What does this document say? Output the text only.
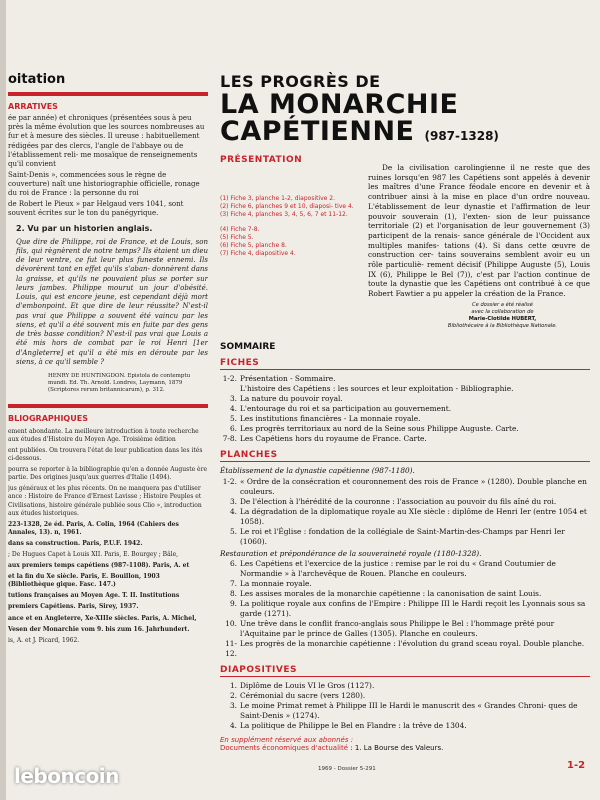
oitation
ARRATIVES
ée par année) et chroniques (présentées sous à peu près la même évolution que les sources nombreuses au fur et à mesure des siècles. Il ureuse : habituellement rédigées par des clercs, l'angle de l'abbaye ou de l'établissement reli- me mosaïque de renseignements qu'il convient
Saint-Denis », commencées sous le règne de couverture) naît une historiographie officielle, ronage du roi de France : la personne du roi
de Robert le Pieux » par Helgaud vers 1041, sont souvent écrites sur le ton du panégyrique.
2. Vu par un historien anglais.
Que dire de Philippe, roi de France, et de Louis, son fils, qui règnèrent de notre temps? Ils étaient un dieu de leur ventre, ce fut leur plus funeste ennemi. Ils dévorèrent tant en effet qu'ils s'aban- donnèrent dans la graisse, et qu'ils ne pouvaient plus se porter sur leurs jambes. Philippe mourut un jour d'obésité. Louis, qui est encore jeune, est cependant déjà mort d'embonpoint. Et que dire de leur réussite? N'est-il pas vrai que Philippe a souvent été vaincu par les siens, et qu'il a été souvent mis en fuite par des gens de très basse condition? N'est-il pas vrai que Louis a été mis hors de combat par le roi Henri [1er d'Angleterre] et qu'il a été mis en déroute par les siens, à ce qu'il semble ?
HENRY DE HUNTINGDON. Epistola de contemptu mundi. Ed. Th. Arnold. Londres, Laymann, 1879 (Scriptores rerum britannicarum), p. 312.
BLIOGRAPHIQUES
ement abondante. La meilleure introduction à toute recherche aux études d'Histoire du Moyen Age. Troisième édition
ent publiées. On trouvera l'état de leur publication dans les ités ci-dessous.
pourra se reporter à la bibliographie qu'en a donnée Auguste ère partie. Des origines jusqu'aux guerres d'Italie (1494).
jus généraux et les plus récents. On ne manquera pas d'utiliser ance : Histoire de France d'Ernest Lavisse ; Histoire Peuples et Civilisations, histoire générale publiée sous Clio », introduction aux études historiques.
223-1328, 2e éd. Paris, A. Colin, 1964 (Cahiers des Annales, 13). n, 1961.
dans sa construction. Paris, P.U.F. 1942.
; De Hugues Capet à Louis XII. Paris, E. Bourgey ; Bâle,
aux premiers temps capétiens (987-1108). Paris, A. et
et la fin du Xe siècle. Paris, E. Bouillon, 1903 (Bibliothèque gique. Fasc. 147.)
tutions françaises au Moyen Age. T. II. Institutions
premiers Capétiens. Paris, Sirey, 1937.
ance et en Angleterre, Xe-XIIIe siècles. Paris, A. Michel,
Vesen der Monarchie vom 9. bis zum 16. Jahrhundert.
is, A. et J. Picard, 1962.
LES PROGRÈS DE
LA MONARCHIE
CAPÉTIENNE (987-1328)
PRÉSENTATION
(1) Fiche 3, planche 1-2, diapositive 2.
(2) Fiche 6, planches 9 et 10, diaposi- tive 4.
(3) Fiche 4, planches 3, 4, 5, 6, 7 et 11-12.
(4) Fiche 7-8.
(5) Fiche 5.
(6) Fiche 5, planche 8.
(7) Fiche 4, diapositive 4.
De la civilisation carolingienne il ne reste que des ruines lorsqu'en 987 les Capétiens sont appelés à devenir les maîtres d'une France féodale encore en devenir et à contribuer ainsi à la mise en place d'un ordre nouveau. L'établissement de leur dynastie et l'affirmation de leur pouvoir souverain (1), l'exten- sion de leur puissance territoriale (2) et l'organisation de leur gouvernement (3) participent de la renais- sance générale de l'Occident aux multiples manifes- tations (4). Si dans cette œuvre de construction cer- tains souverains semblent avoir eu un rôle particuliè- rement décisif (Philippe Auguste (5), Louis IX (6), Philippe le Bel (7)), c'est par l'action continue de toute la dynastie que les Capétiens ont contribué à ce que Robert Fawtier a pu appeler la création de la France.
Ce dossier a été réalisé
avec la collaboration de
Marie-Clotilde HUBERT,
Bibliothécaire à la Bibliothèque Nationale.
SOMMAIRE
FICHES
1-2. Présentation - Sommaire.
L'histoire des Capétiens : les sources et leur exploitation - Bibliographie.
3. La nature du pouvoir royal.
4. L'entourage du roi et sa participation au gouvernement.
5. Les institutions financières - La monnaie royale.
6. Les progrès territoriaux au nord de la Seine sous Philippe Auguste. Carte.
7-8. Les Capétiens hors du royaume de France. Carte.
PLANCHES
Établissement de la dynastie capétienne (987-1180).
1-2. « Ordre de la consécration et couronnement des rois de France » (1280). Double planche en couleurs.
3. De l'élection à l'hérédité de la couronne : l'association au pouvoir du fils aîné du roi.
4. La dégradation de la diplomatique royale au XIe siècle : diplôme de Henri Ier (entre 1054 et 1058).
5. Le roi et l'Église : fondation de la collégiale de Saint-Martin-des-Champs par Henri Ier (1060).
Restauration et prépondérance de la souveraineté royale (1180-1328).
6. Les Capétiens et l'exercice de la justice : remise par le roi du « Grand Coutumier de Normandie » à l'archevêque de Rouen. Planche en couleurs.
7. La monnaie royale.
8. Les assises morales de la monarchie capétienne : la canonisation de saint Louis.
9. La politique royale aux confins de l'Empire : Philippe III le Hardi reçoit les Lyonnais sous sa garde (1271).
10. Une trêve dans le conflit franco-anglais sous Philippe le Bel : l'hommage prêté pour l'Aquitaine par le prince de Galles (1305). Planche en couleurs.
11-12.
Les progrès de la monarchie capétienne : l'évolution du grand sceau royal. Double planche.
DIAPOSITIVES
1. Diplôme de Louis VI le Gros (1127).
2. Cérémonial du sacre (vers 1280).
3. Le moine Primat remet à Philippe III le Hardi le manuscrit des « Grandes Chroni- ques de Saint-Denis » (1274).
4. La politique de Philippe le Bel en Flandre : la trêve de 1304.
En supplément réservé aux abonnés :
Documents économiques d'actualité : 1. La Bourse des Valeurs.
1969 - Dossier 5-291	1-2
leboncoin
